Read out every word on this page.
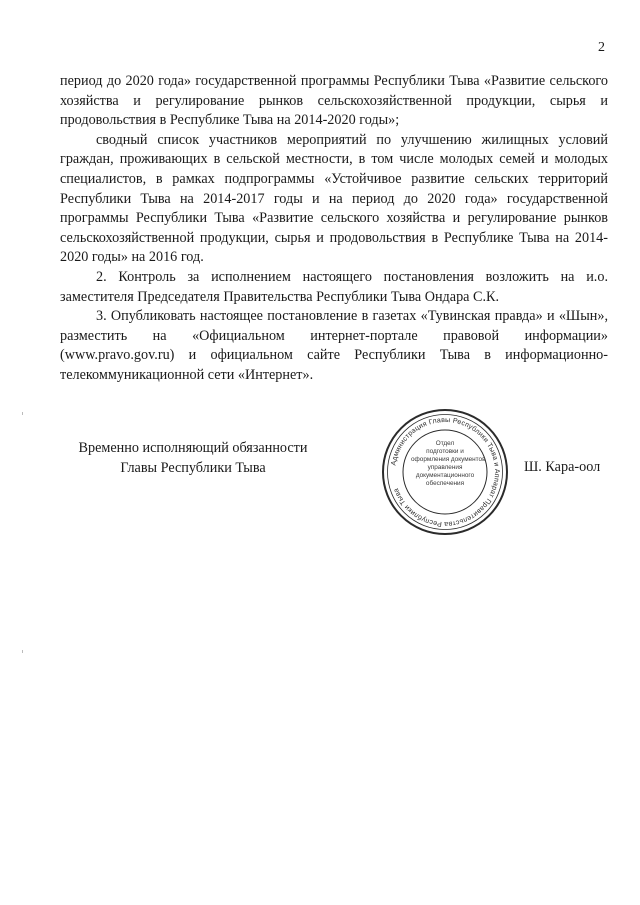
2

период до 2020 года» государственной программы Республики Тыва «Развитие сельского хозяйства и регулирование рынков сельскохозяйственной продукции, сырья и продовольствия в Республике Тыва на 2014-2020 годы»;

сводный список участников мероприятий по улучшению жилищных условий граждан, проживающих в сельской местности, в том числе молодых семей и молодых специалистов, в рамках подпрограммы «Устойчивое развитие сельских территорий Республики Тыва на 2014-2017 годы и на период до 2020 года» государственной программы Республики Тыва «Развитие сельского хозяйства и регулирование рынков сельскохозяйственной продукции, сырья и продовольствия в Республике Тыва на 2014-2020 годы» на 2016 год.

2. Контроль за исполнением настоящего постановления возложить на и.о. заместителя Председателя Правительства Республики Тыва Ондара С.К.

3. Опубликовать настоящее постановление в газетах «Тувинская правда» и «Шын», разместить на «Официальном интернет-портале правовой информации» (www.pravo.gov.ru) и официальном сайте Республики Тыва в информационно-телекоммуникационной сети «Интернет».

Временно исполняющий обязанности
Главы Республики Тыва	Администрация Главы Республики Тыва и Аппарат Правительства Республики Тыва
Отдел
подготовки и
оформления документов
управления
документационного
обеспечения
Ш. Кара-оол
